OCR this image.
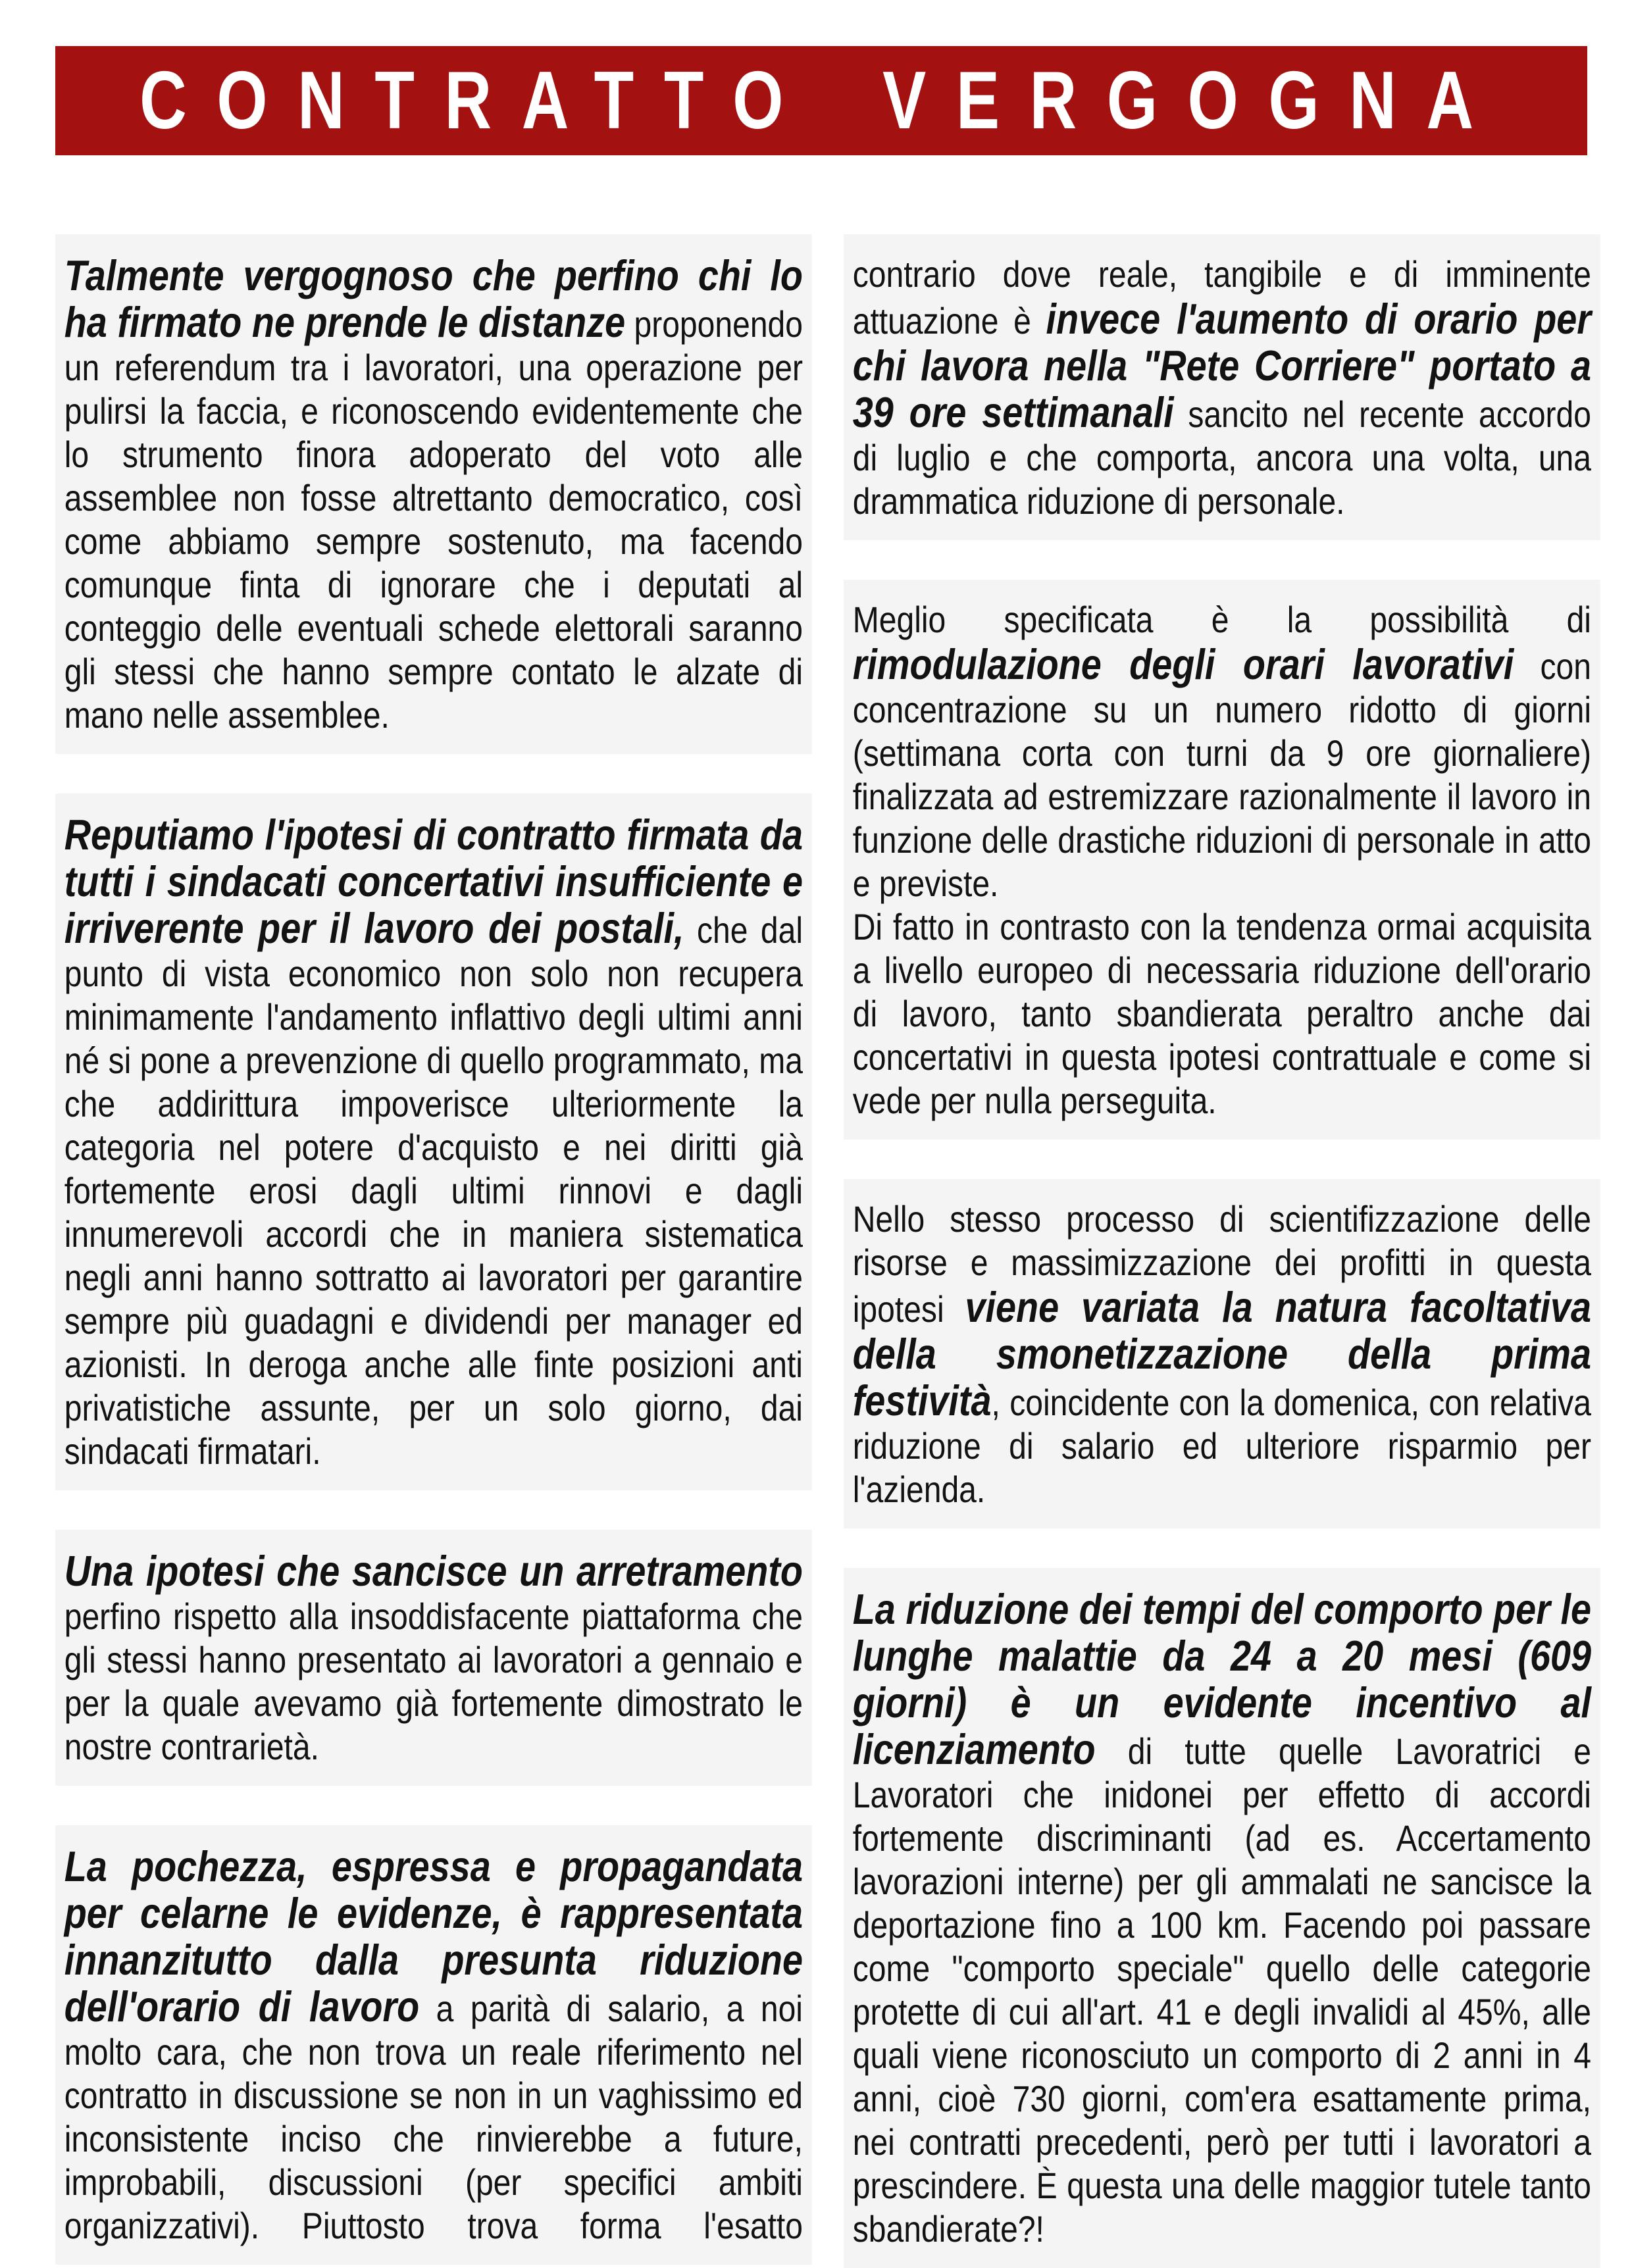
CONTRATTO VERGOGNA
Talmente vergognoso che perfino chi lo ha firmato ne prende le distanze proponendo un referendum tra i lavoratori, una operazione per pulirsi la faccia, e riconoscendo evidentemente che lo strumento finora adoperato del voto alle assemblee non fosse altrettanto democratico, così come abbiamo sempre sostenuto, ma facendo comunque finta di ignorare che i deputati al conteggio delle eventuali schede elettorali saranno gli stessi che hanno sempre contato le alzate di mano nelle assemblee.
Reputiamo l'ipotesi di contratto firmata da tutti i sindacati concertativi insufficiente e irriverente per il lavoro dei postali, che dal punto di vista economico non solo non recupera minimamente l'andamento inflattivo degli ultimi anni né si pone a prevenzione di quello programmato, ma che addirittura impoverisce ulteriormente la categoria nel potere d'acquisto e nei diritti già fortemente erosi dagli ultimi rinnovi e dagli innumerevoli accordi che in maniera sistematica negli anni hanno sottratto ai lavoratori per garantire sempre più guadagni e dividendi per manager ed azionisti. In deroga anche alle finte posizioni anti privatistiche assunte, per un solo giorno, dai sindacati firmatari.
Una ipotesi che sancisce un arretramento perfino rispetto alla insoddisfacente piattaforma che gli stessi hanno presentato ai lavoratori a gennaio e per la quale avevamo già fortemente dimostrato le nostre contrarietà.
La pochezza, espressa e propagandata per celarne le evidenze, è rappresentata innanzitutto dalla presunta riduzione dell'orario di lavoro a parità di salario, a noi molto cara, che non trova un reale riferimento nel contratto in discussione se non in un vaghissimo ed inconsistente inciso che rinvierebbe a future, improbabili, discussioni (per specifici ambiti organizzativi). Piuttosto trova forma l'esatto
contrario dove reale, tangibile e di imminente attuazione è invece l'aumento di orario per chi lavora nella "Rete Corriere" portato a 39 ore settimanali sancito nel recente accordo di luglio e che comporta, ancora una volta, una drammatica riduzione di personale.
Meglio specificata è la possibilità di rimodulazione degli orari lavorativi con concentrazione su un numero ridotto di giorni (settimana corta con turni da 9 ore giornaliere) finalizzata ad estremizzare razionalmente il lavoro in funzione delle drastiche riduzioni di personale in atto e previste.
Di fatto in contrasto con la tendenza ormai acquisita a livello europeo di necessaria riduzione dell'orario di lavoro, tanto sbandierata peraltro anche dai concertativi in questa ipotesi contrattuale e come si vede per nulla perseguita.
Nello stesso processo di scientifizzazione delle risorse e massimizzazione dei profitti in questa ipotesi viene variata la natura facoltativa della smonetizzazione della prima festività, coincidente con la domenica, con relativa riduzione di salario ed ulteriore risparmio per l'azienda.
La riduzione dei tempi del comporto per le lunghe malattie da 24 a 20 mesi (609 giorni) è un evidente incentivo al licenziamento di tutte quelle Lavoratrici e Lavoratori che inidonei per effetto di accordi fortemente discriminanti (ad es. Accertamento lavorazioni interne) per gli ammalati ne sancisce la deportazione fino a 100 km. Facendo poi passare come "comporto speciale" quello delle categorie protette di cui all'art. 41 e degli invalidi al 45%, alle quali viene riconosciuto un comporto di 2 anni in 4 anni, cioè 730 giorni, com'era esattamente prima, nei contratti precedenti, però per tutti i lavoratori a prescindere. È questa una delle maggior tutele tanto sbandierate?!
